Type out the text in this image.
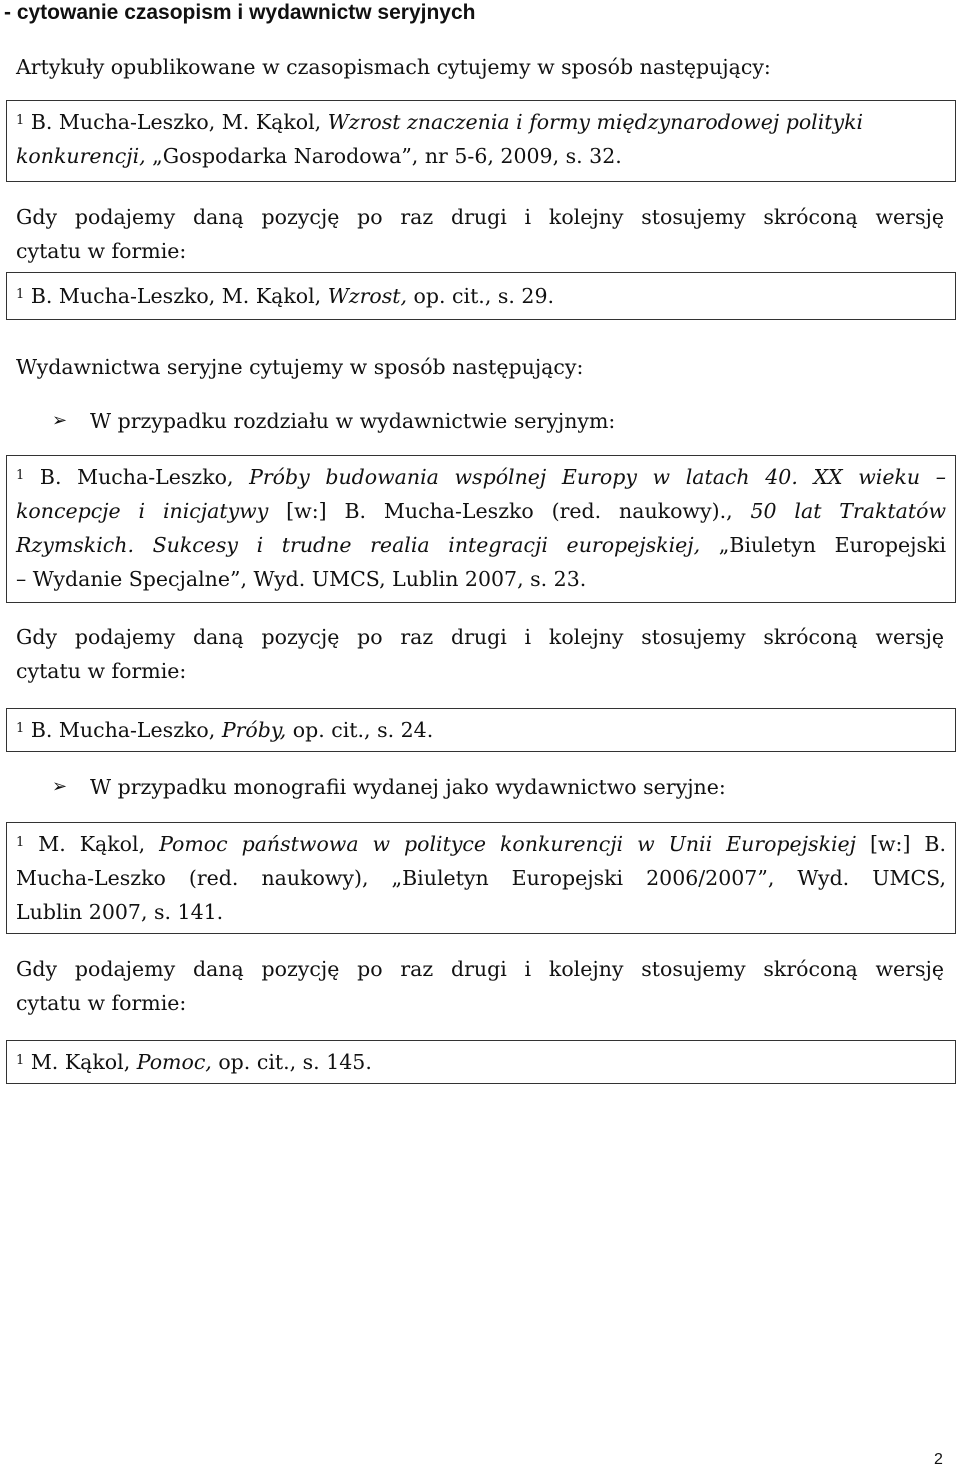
- cytowanie czasopism i wydawnictw seryjnych
Artykuły opublikowane w czasopismach cytujemy w sposób następujący:
$^1$ B. Mucha-Leszko, M. Kąkol, Wzrost znaczenia i formy międzynarodowej polityki
konkurencji, „Gospodarka Narodowa”, nr 5-6, 2009, s. 32.
Gdy podajemy daną pozycję po raz drugi i kolejny stosujemy skróconą wersję
cytatu w formie:
$^1$ B. Mucha-Leszko, M. Kąkol, Wzrost, op. cit., s. 29.
Wydawnictwa seryjne cytujemy w sposób następujący:
➢ W przypadku rozdziału w wydawnictwie seryjnym:
$^1$ B. Mucha-Leszko, Próby budowania wspólnej Europy w latach 40. XX wieku –
koncepcje i inicjatywy [w:] B. Mucha-Leszko (red. naukowy)., 50 lat Traktatów
Rzymskich. Sukcesy i trudne realia integracji europejskiej, „Biuletyn Europejski
– Wydanie Specjalne”, Wyd. UMCS, Lublin 2007, s. 23.
Gdy podajemy daną pozycję po raz drugi i kolejny stosujemy skróconą wersję
cytatu w formie:
$^1$ B. Mucha-Leszko, Próby, op. cit., s. 24.
➢ W przypadku monografii wydanej jako wydawnictwo seryjne:
$^1$ M. Kąkol, Pomoc państwowa w polityce konkurencji w Unii Europejskiej [w:] B.
Mucha-Leszko (red. naukowy), „Biuletyn Europejski 2006/2007”, Wyd. UMCS,
Lublin 2007, s. 141.
Gdy podajemy daną pozycję po raz drugi i kolejny stosujemy skróconą wersję
cytatu w formie:
$^1$ M. Kąkol, Pomoc, op. cit., s. 145.
2
